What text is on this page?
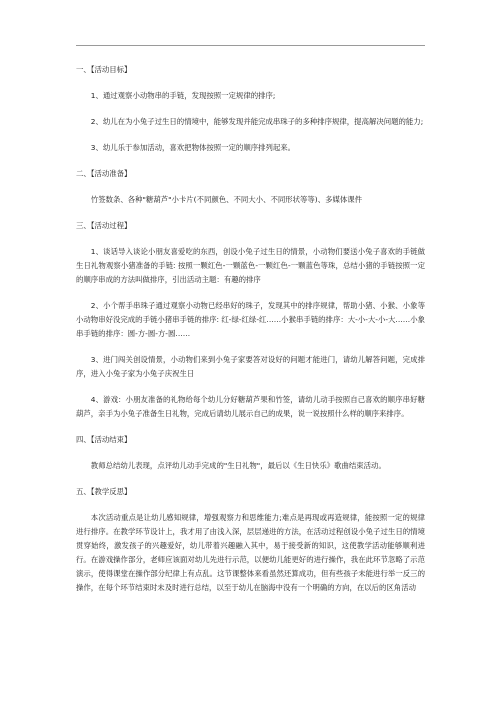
一、【活动目标】
1、通过观察小动物串的手链，发现按照一定规律的排序;
2、幼儿在为小兔子过生日的情境中，能够发现并能完成串珠子的多种排序规律，提高解决问题的能力;
3、幼儿乐于参加活动，喜欢把物体按照一定的顺序排列起来。
二、【活动准备】
竹签数条、各种"糖葫芦"小卡片(不同颜色、不同大小、不同形状等等)、多媒体课件
三、【活动过程】
1、谈话导入谈论小朋友喜爱吃的东西，创设小兔子过生日的情景，小动物们要送小兔子喜欢的手链做生日礼物观察小猪准备的手链: 按照一颗红色-一颗蓝色-一颗红色-一颗蓝色等珠，总结小猪的手链按照一定的顺序串成的方法叫做排序，引出活动主题：有趣的排序
2、小个帮手串珠子通过观察小动物已经串好的珠子，发现其中的排序规律，帮助小猪、小猴、小象等小动物串好没完成的手链小猪串手链的排序: 红-绿-红绿-红……小猴串手链的排序：大-小-大-小-大……小象串手链的排序：圆-方-圆-方-圆……
3、进门闯关创设情景，小动物们来到小兔子家要答对设好的问题才能进门，请幼儿解答问题，完成排序，进入小兔子家为小兔子庆祝生日
4、游戏：小朋友准备的礼物给每个幼儿分好糖葫芦果和竹签，请幼儿动手按照自己喜欢的顺序串好糖葫芦，亲手为小兔子准备生日礼物，完成后请幼儿展示自己的成果，说一说按照什么样的顺序来排序。
四、【活动结束】
教师总结幼儿表现，点评幼儿动手完成的"生日礼物"，最后以《生日快乐》歌曲结束活动。
五、【教学反思】
本次活动重点是让幼儿感知规律，增强观察力和思维能力;难点是再现或再造规律，能按照一定的规律进行排序。在教学环节设计上，我才用了由浅入深，层层递进的方法，在活动过程创设小兔子过生日的情境贯穿始终，激发孩子的兴趣爱好，幼儿带着兴趣融入其中，易于接受新的知识，这使教学活动能够顺利进行。在游戏操作部分，老师应该面对幼儿先进行示范，以便幼儿能更好的进行操作，我在此环节忽略了示范演示，使得课堂在操作部分纪律上有点乱。这节课整体来看虽然还算成功，但有些孩子未能进行举一反三的操作，在每个环节结束时未及时进行总结，以至于幼儿在脑海中没有一个明确的方向，在以后的区角活动
